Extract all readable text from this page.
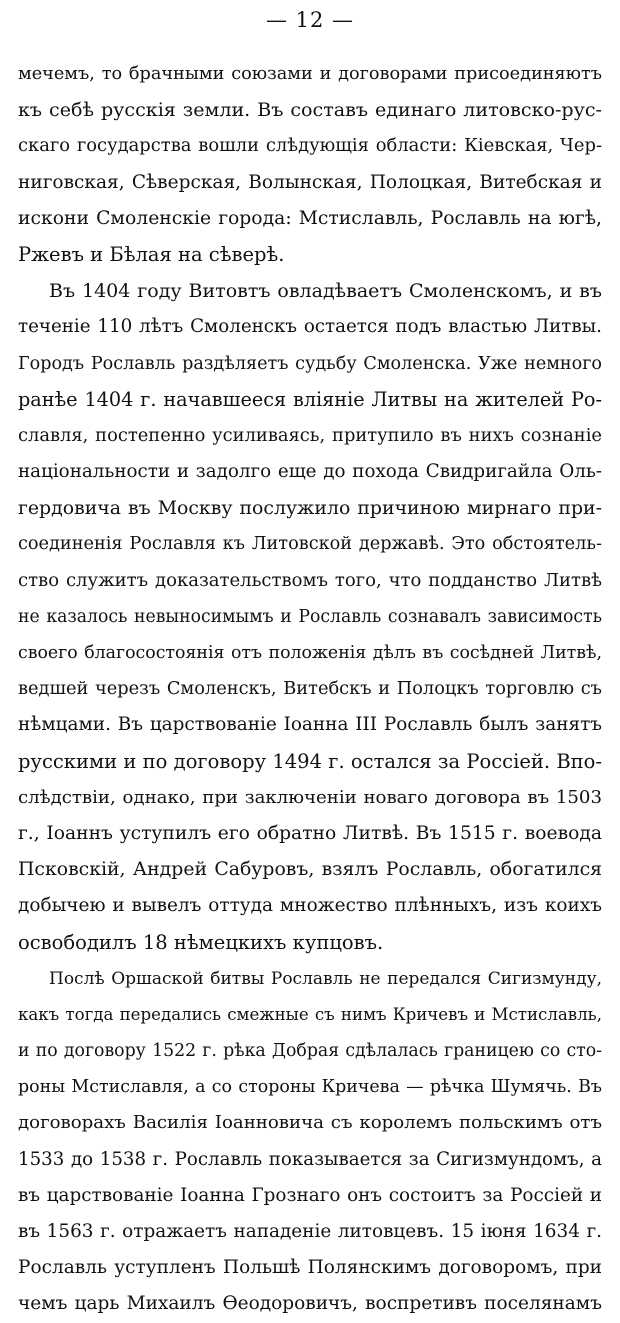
— 12 —
мечемъ, то брачными союзами и договорами присоединяютъ
къ себѣ русскія земли. Въ составъ единаго литовско-рус-
скаго государства вошли слѣдующія области: Кіевская, Чер-
ниговская, Сѣверская, Волынская, Полоцкая, Витебская и
искони Смоленскіе города: Мстиславль, Рославль на югѣ,
Ржевъ и Бѣлая на сѣверѣ.
Въ 1404 году Витовтъ овладѣваетъ Смоленскомъ, и въ
теченіе 110 лѣтъ Смоленскъ остается подъ властью Литвы.
Городъ Рославль раздѣляетъ судьбу Смоленска. Уже немного
ранѣе 1404 г. начавшееся вліяніе Литвы на жителей Ро-
славля, постепенно усиливаясь, притупило въ нихъ сознаніе
національности и задолго еще до похода Свидригайла Оль-
гердовича въ Москву послужило причиною мирнаго при-
соединенія Рославля къ Литовской державѣ. Это обстоятель-
ство служитъ доказательствомъ того, что подданство Литвѣ
не казалось невыносимымъ и Рославль сознавалъ зависимость
своего благосостоянія отъ положенія дѣлъ въ сосѣдней Литвѣ,
ведшей черезъ Смоленскъ, Витебскъ и Полоцкъ торговлю съ
нѣмцами. Въ царствованіе Іоанна III Рославль былъ занятъ
русскими и по договору 1494 г. остался за Россіей. Впо-
слѣдствіи, однако, при заключеніи новаго договора въ 1503
г., Іоаннъ уступилъ его обратно Литвѣ. Въ 1515 г. воевода
Псковскій, Андрей Сабуровъ, взялъ Рославль, обогатился
добычею и вывелъ оттуда множество плѣнныхъ, изъ коихъ
освободилъ 18 нѣмецкихъ купцовъ.
Послѣ Оршаской битвы Рославль не передался Сигизмунду,
какъ тогда передались смежные съ нимъ Кричевъ и Мстиславль,
и по договору 1522 г. рѣка Добрая сдѣлалась границею со сто-
роны Мстиславля, а со стороны Кричева — рѣчка Шумячь. Въ
договорахъ Василія Іоанновича съ королемъ польскимъ отъ
1533 до 1538 г. Рославль показывается за Сигизмундомъ, а
въ царствованіе Іоанна Грознаго онъ состоитъ за Россіей и
въ 1563 г. отражаетъ нападеніе литовцевъ. 15 іюня 1634 г.
Рославль уступленъ Польшѣ Полянскимъ договоромъ, при
чемъ царь Михаилъ Ѳеодоровичъ, воспретивъ поселянамъ
